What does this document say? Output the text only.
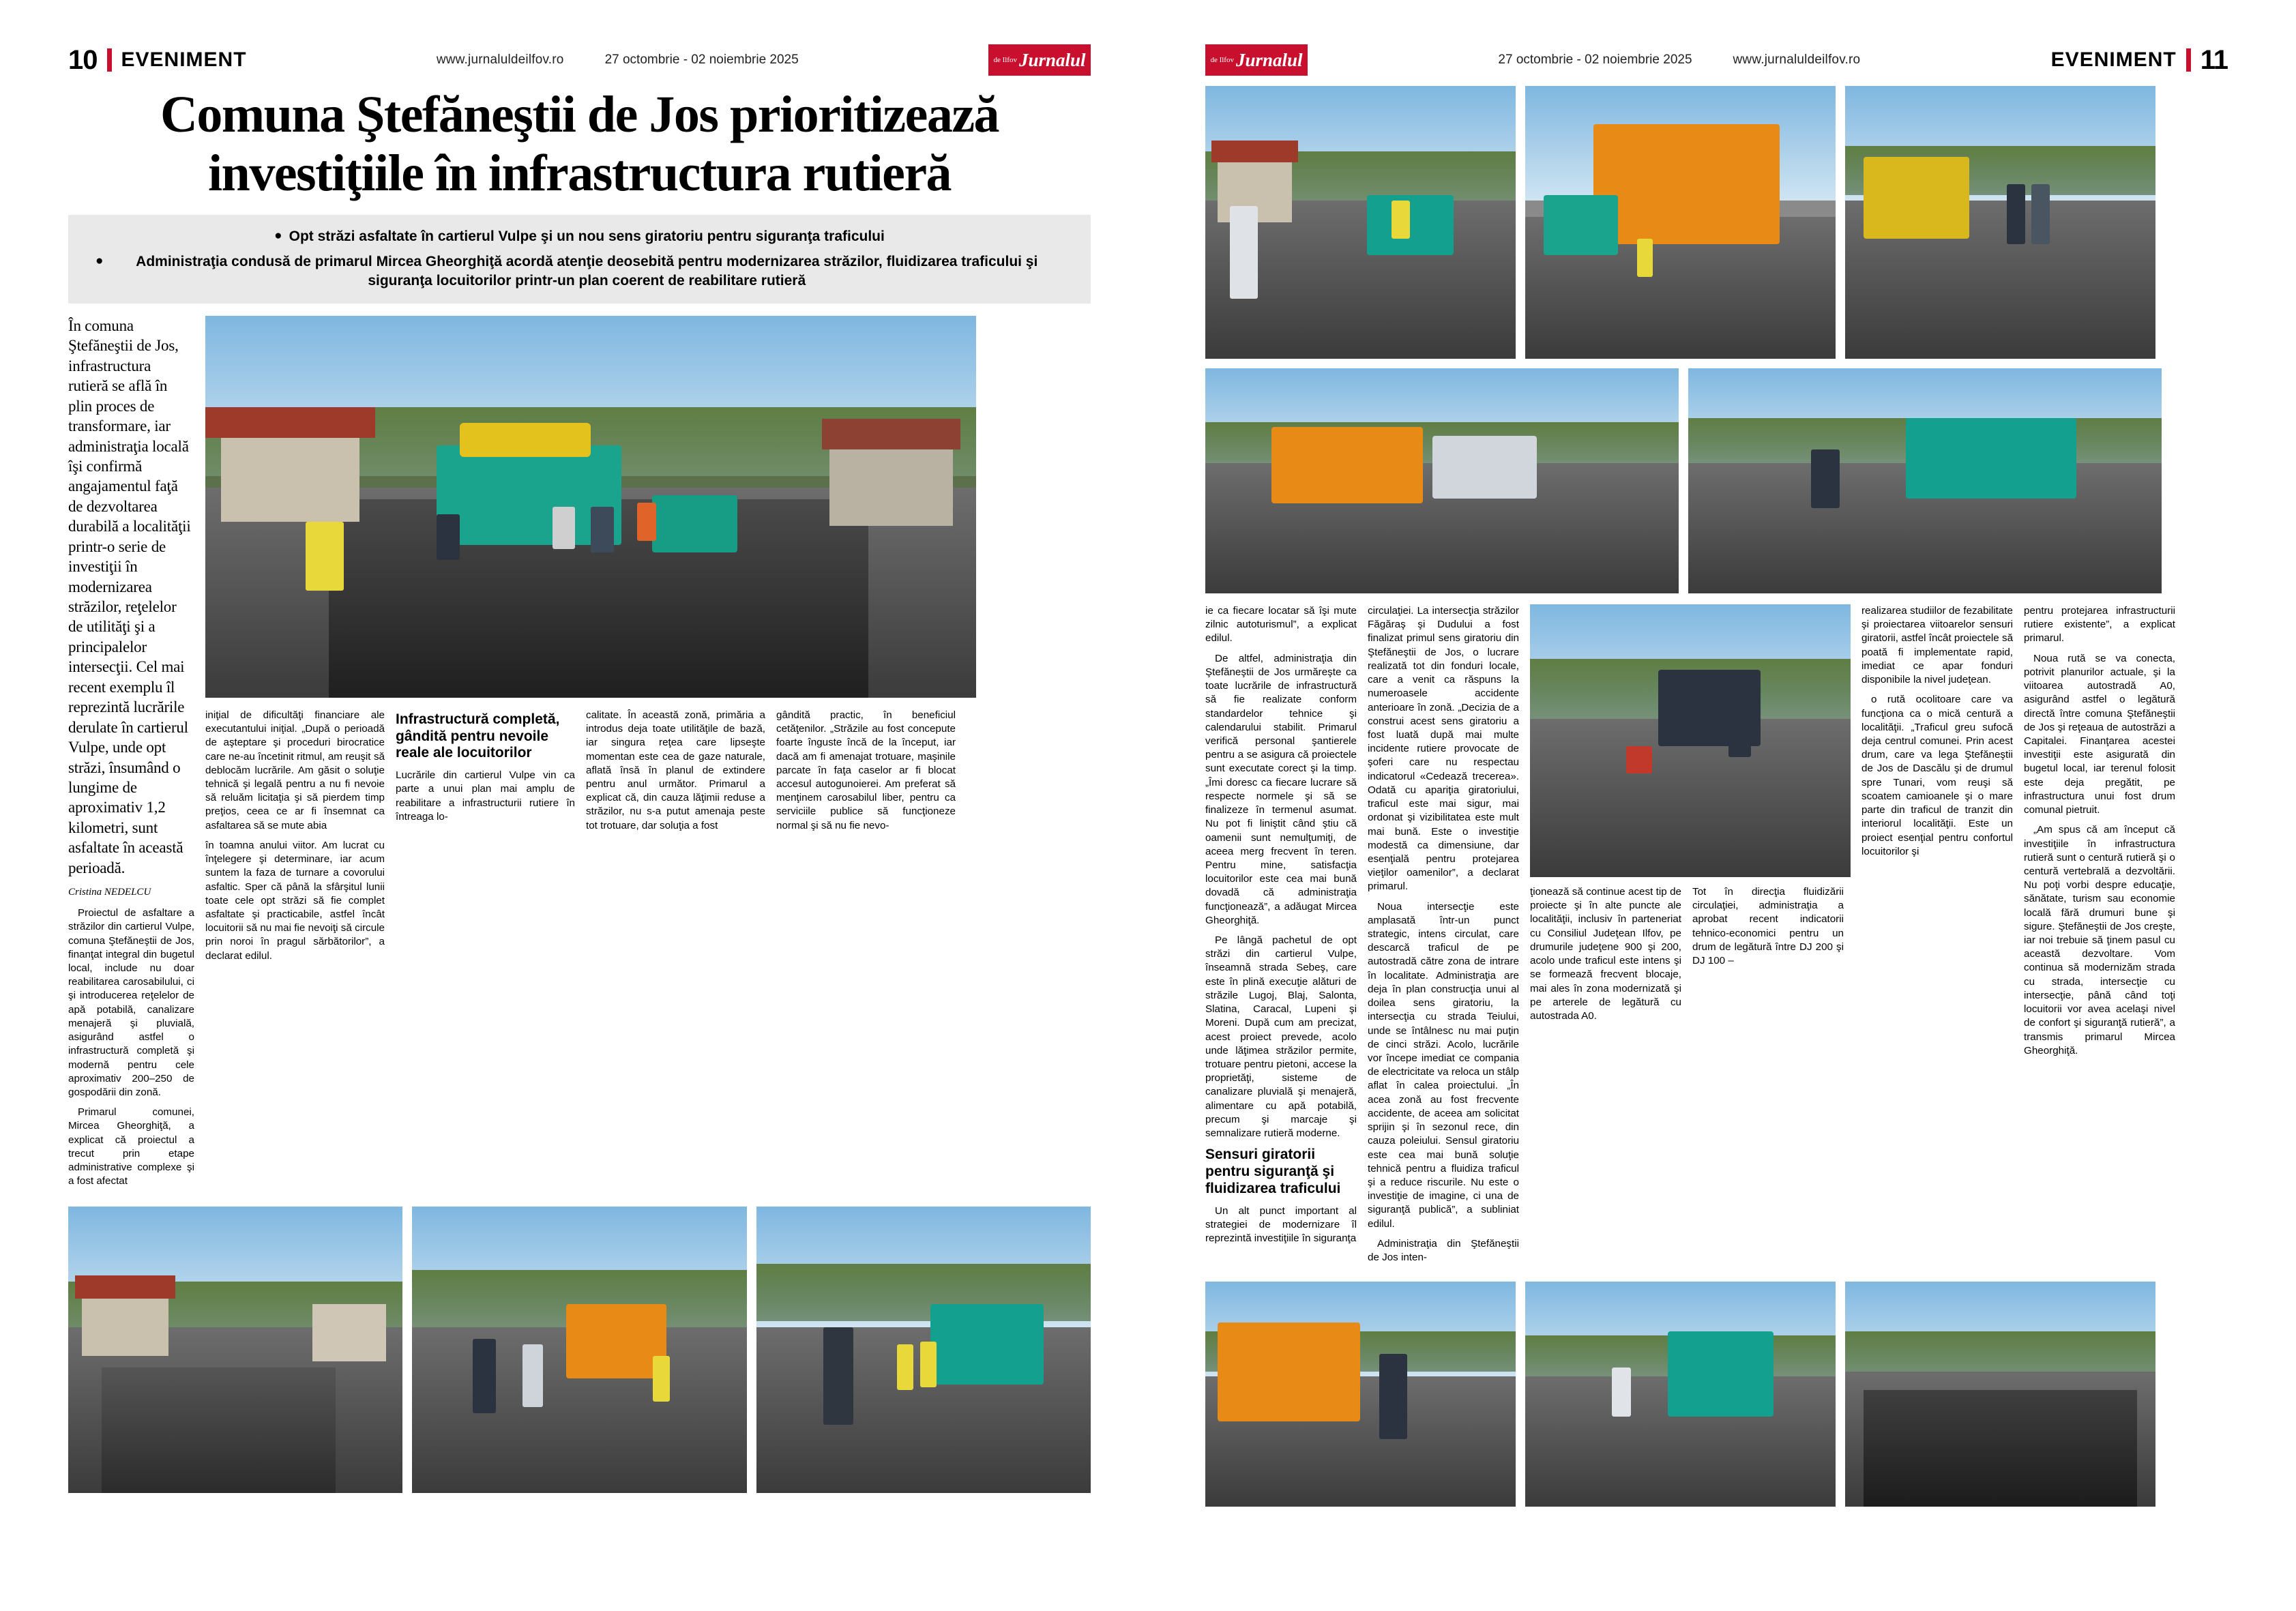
10 EVENIMENT	www.jurnaluldeilfov.ro	27 octombrie - 02 noiembrie 2025	de Ilfov Jurnalul
Comuna Ştefăneştii de Jos prioritizează
investiţiile în infrastructura rutieră
● Opt străzi asfaltate în cartierul Vulpe şi un nou sens giratoriu pentru siguranţa traficului
●	Administraţia condusă de primarul Mircea Gheorghiţă acordă atenţie deosebită pentru modernizarea străzilor, fluidizarea traficului şi siguranţa locuitorilor printr-un plan coerent de reabilitare rutieră
În comuna Ştefăneştii de Jos, infrastructura rutieră se află în plin proces de transformare, iar administraţia locală îşi confirmă angajamentul faţă de dezvoltarea durabilă a localităţii printr-o serie de investiţii în modernizarea străzilor, reţelelor de utilităţi şi a principalelor intersecţii. Cel mai recent exemplu îl reprezintă lucrările derulate în cartierul Vulpe, unde opt străzi, însumând o lungime de aproximativ 1,2 kilometri, sunt asfaltate în această perioadă.
Cristina NEDELCU

Proiectul de asfaltare a străzilor din cartierul Vulpe, comuna Ştefăneştii de Jos, finanţat integral din bugetul local, include nu doar reabilitarea carosabilului, ci şi introducerea reţelelor de apă potabilă, canalizare menajeră şi pluvială, asigurând astfel o infrastructură completă şi modernă pentru cele aproximativ 200–250 de gospodării din zonă.

Primarul comunei, Mircea Gheorghiţă, a explicat că proiectul a trecut prin etape administrative complexe şi a fost afectat

iniţial de dificultăţi financiare ale executantului iniţial. „După o perioadă de aşteptare şi proceduri birocratice care ne-au încetinit ritmul, am reuşit să deblocăm lucrările. Am găsit o soluţie tehnică şi legală pentru a nu fi nevoie să reluăm licitaţia şi să pierdem timp preţios, ceea ce ar fi însemnat ca asfaltarea să se mute abia

în toamna anului viitor. Am lucrat cu înţelegere şi determinare, iar acum suntem la faza de turnare a covorului asfaltic. Sper că până la sfârşitul lunii toate cele opt străzi să fie complet asfaltate şi practicabile, astfel încât locuitorii să nu mai fie nevoiţi să circule prin noroi în pragul sărbătorilor”, a declarat edilul.

Infrastructură completă, gândită pentru nevoile reale ale locuitorilor

Lucrările din cartierul Vulpe vin ca parte a unui plan mai amplu de reabilitare a infrastructurii rutiere în întreaga lo-

calitate. În această zonă, primăria a introdus deja toate utilităţile de bază, iar singura reţea care lipseşte momentan este cea de gaze naturale, aflată însă în planul de extindere pentru anul următor. Primarul a explicat că, din cauza lăţimii reduse a străzilor, nu s-a putut amenaja peste tot trotuare, dar soluţia a fost

gândită practic, în beneficiul cetăţenilor. „Străzile au fost concepute foarte înguste încă de la început, iar dacă am fi amenajat trotuare, maşinile parcate în faţa caselor ar fi blocat accesul autogunoierei. Am preferat să menţinem carosabilul liber, pentru ca serviciile publice să funcţioneze normal şi să nu fie nevo-

de Ilfov Jurnalul	27 octombrie - 02 noiembrie 2025	www.jurnaluldeilfov.ro	EVENIMENT 11

ie ca fiecare locatar să îşi mute zilnic autoturismul”, a explicat edilul.

De altfel, administraţia din Ştefăneştii de Jos urmăreşte ca toate lucrările de infrastructură să fie realizate conform standardelor tehnice şi calendarului stabilit. Primarul verifică personal şantierele pentru a se asigura că proiectele sunt executate corect şi la timp. „Îmi doresc ca fiecare lucrare să respecte normele şi să se finalizeze în termenul asumat. Nu pot fi liniştit când ştiu că oamenii sunt nemulţumiţi, de aceea merg frecvent în teren. Pentru mine, satisfacţia locuitorilor este cea mai bună dovadă că administraţia funcţionează”, a adăugat Mircea Gheorghiţă.

Pe lângă pachetul de opt străzi din cartierul Vulpe, înseamnă strada Sebeş, care este în plină execuţie alături de străzile Lugoj, Blaj, Salonta, Slatina, Caracal, Lupeni şi Moreni. După cum am precizat, acest proiect prevede, acolo unde lăţimea străzilor permite, trotuare pentru pietoni, accese la proprietăţi, sisteme de canalizare pluvială şi menajeră, alimentare cu apă potabilă, precum şi marcaje şi semnalizare rutieră moderne.

Sensuri giratorii pentru siguranţă şi fluidizarea traficului

Un alt punct important al strategiei de modernizare îl reprezintă investiţiile în siguranţa

circulaţiei. La intersecţia străzilor Făgăraş şi Dudului a fost finalizat primul sens giratoriu din Ştefăneştii de Jos, o lucrare realizată tot din fonduri locale, care a venit ca răspuns la numeroasele accidente anterioare în zonă. „Decizia de a construi acest sens giratoriu a fost luată după mai multe incidente rutiere provocate de şoferi care nu respectau indicatorul «Cedează trecerea». Odată cu apariţia giratoriului, traficul este mai sigur, mai ordonat şi vizibilitatea este mult mai bună. Este o investiţie modestă ca dimensiune, dar esenţială pentru protejarea vieţilor oamenilor”, a declarat primarul.

Noua intersecţie este amplasată într-un punct strategic, intens circulat, care descarcă traficul de pe autostradă către zona de intrare în localitate. Administraţia are deja în plan construcţia unui al doilea sens giratoriu, la intersecţia cu strada Teiului, unde se întâlnesc nu mai puţin de cinci străzi. Acolo, lucrările vor începe imediat ce compania de electricitate va relocа un stâlp aflat în calea proiectului. „În acea zonă au fost frecvente accidente, de aceea am solicitat sprijin şi în sezonul rece, din cauza poleiului. Sensul giratoriu este cea mai bună soluţie tehnică pentru a fluidiza traficul şi a reduce riscurile. Nu este o investiţie de imagine, ci una de siguranţă publică”, a subliniat edilul.

Administraţia din Ştefăneştii de Jos inten-

ţionează să continue acest tip de proiecte şi în alte puncte ale localităţii, inclusiv în parteneriat cu Consiliul Judeţean Ilfov, pe drumurile judeţene 900 şi 200, acolo unde traficul este intens şi se formează frecvent blocaje, mai ales în zona modernizată şi pe arterele de legătură cu autostrada A0.

Tot în direcţia fluidizării circulaţiei, administraţia a aprobat recent indicatorii tehnico-economici pentru un drum de legătură între DJ 200 şi DJ 100 –

realizarea studiilor de fezabilitate şi proiectarea viitoarelor sensuri giratorii, astfel încât proiectele să poată fi implementate rapid, imediat ce apar fonduri disponibile la nivel judeţean.

o rută ocolitoare care va funcţiona ca o mică centură a localităţii. „Traficul greu sufocă deja centrul comunei. Prin acest drum, care va lega Ştefăneştii de Jos de Dascălu şi de drumul spre Tunari, vom reuşi să scoatem camioanele şi o mare parte din traficul de tranzit din interiorul localităţii. Este un proiect esenţial pentru confortul locuitorilor şi

pentru protejarea infrastructurii rutiere existente”, a explicat primarul.

Noua rută se va conecta, potrivit planurilor actuale, şi la viitoarea autostradă A0, asigurând astfel o legătură directă între comuna Ştefăneştii de Jos şi reţeaua de autostrăzi a Capitalei. Finanţarea acestei investiţii este asigurată din bugetul local, iar terenul folosit este deja pregătit, pe infrastructura unui fost drum comunal pietruit.

„Am spus că am început că investiţiile în infrastructura rutieră sunt o centură rutieră şi o centură vertebrală a dezvoltării. Nu poţi vorbi despre educaţie, sănătate, turism sau economie locală fără drumuri bune şi sigure. Ştefăneştii de Jos creşte, iar noi trebuie să ţinem pasul cu această dezvoltare. Vom continua să modernizăm strada cu strada, intersecţie cu intersecţie, până când toţi locuitorii vor avea acelaşi nivel de confort şi siguranţă rutieră”, a transmis primarul Mircea Gheorghiţă.
